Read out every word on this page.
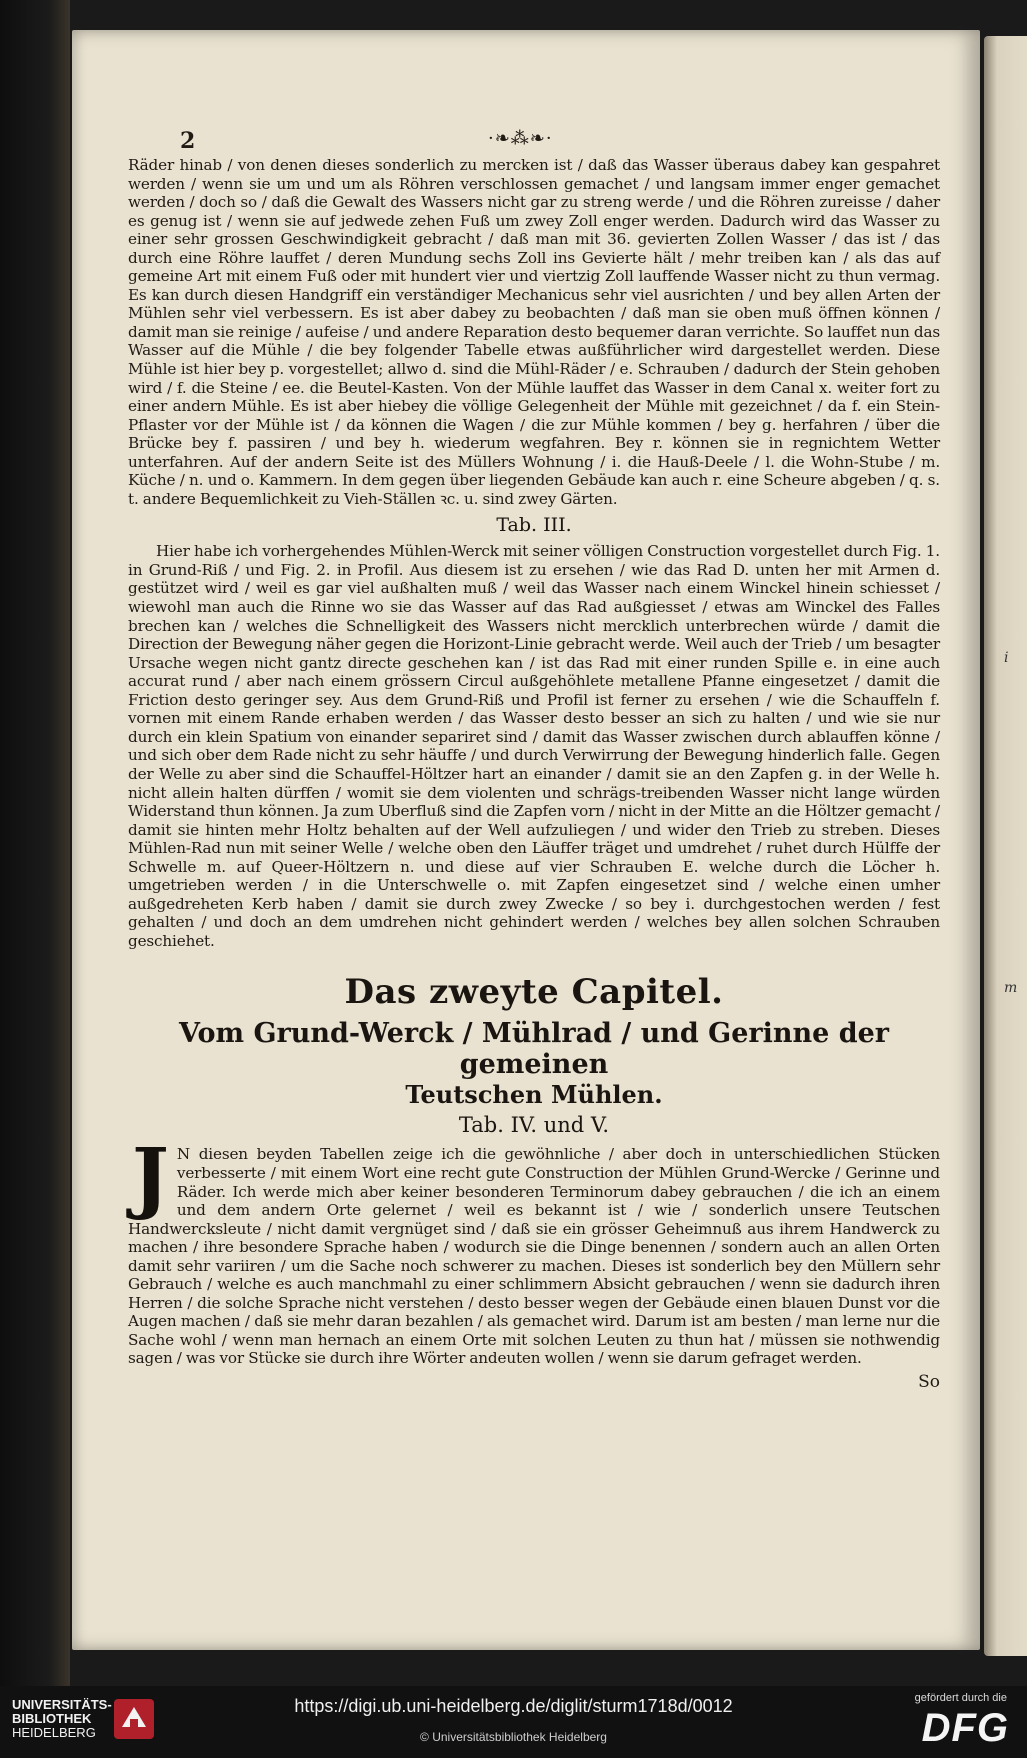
i
m
2	·❧⁂❧·

Räder hinab / von denen dieses sonderlich zu mercken ist / daß das Wasser überaus dabey kan gespahret werden / wenn sie um und um als Röhren verschlossen gemachet / und langsam immer enger gemachet werden / doch so / daß die Gewalt des Wassers nicht gar zu streng werde / und die Röhren zureisse / daher es genug ist / wenn sie auf jedwede zehen Fuß um zwey Zoll enger werden. Dadurch wird das Wasser zu einer sehr grossen Geschwindigkeit gebracht / daß man mit 36. gevierten Zollen Wasser / das ist / das durch eine Röhre lauffet / deren Mundung sechs Zoll ins Gevierte hält / mehr treiben kan / als das auf gemeine Art mit einem Fuß oder mit hundert vier und viertzig Zoll lauffende Wasser nicht zu thun vermag. Es kan durch diesen Handgriff ein verständiger Mechanicus sehr viel ausrichten / und bey allen Arten der Mühlen sehr viel verbessern. Es ist aber dabey zu beobachten / daß man sie oben muß öffnen können / damit man sie reinige / aufeise / und andere Reparation desto bequemer daran verrichte. So lauffet nun das Wasser auf die Mühle / die bey folgender Tabelle etwas außführlicher wird dargestellet werden. Diese Mühle ist hier bey p. vorgestellet; allwo d. sind die Mühl-Räder / e. Schrauben / dadurch der Stein gehoben wird / f. die Steine / ee. die Beutel-Kasten. Von der Mühle lauffet das Wasser in dem Canal x. weiter fort zu einer andern Mühle. Es ist aber hiebey die völlige Gelegenheit der Mühle mit gezeichnet / da f. ein Stein-Pflaster vor der Mühle ist / da können die Wagen / die zur Mühle kommen / bey g. herfahren / über die Brücke bey f. passiren / und bey h. wiederum wegfahren. Bey r. können sie in regnichtem Wetter unterfahren. Auf der andern Seite ist des Müllers Wohnung / i. die Hauß-Deele / l. die Wohn-Stube / m. Küche / n. und o. Kammern. In dem gegen über liegenden Gebäude kan auch r. eine Scheure abgeben / q. s. t. andere Bequemlichkeit zu Vieh-Ställen ꝛc. u. sind zwey Gärten.

Tab. III.

Hier habe ich vorhergehendes Mühlen-Werck mit seiner völligen Construction vorgestellet durch Fig. 1. in Grund-Riß / und Fig. 2. in Profil. Aus diesem ist zu ersehen / wie das Rad D. unten her mit Armen d. gestützet wird / weil es gar viel außhalten muß / weil das Wasser nach einem Winckel hinein schiesset / wiewohl man auch die Rinne wo sie das Wasser auf das Rad außgiesset / etwas am Winckel des Falles brechen kan / welches die Schnelligkeit des Wassers nicht mercklich unterbrechen würde / damit die Direction der Bewegung näher gegen die Horizont-Linie gebracht werde. Weil auch der Trieb / um besagter Ursache wegen nicht gantz directe geschehen kan / ist das Rad mit einer runden Spille e. in eine auch accurat rund / aber nach einem grössern Circul außgehöhlete metallene Pfanne eingesetzet / damit die Friction desto geringer sey. Aus dem Grund-Riß und Profil ist ferner zu ersehen / wie die Schauffeln f. vornen mit einem Rande erhaben werden / das Wasser desto besser an sich zu halten / und wie sie nur durch ein klein Spatium von einander separiret sind / damit das Wasser zwischen durch ablauffen könne / und sich ober dem Rade nicht zu sehr häuffe / und durch Verwirrung der Bewegung hinderlich falle. Gegen der Welle zu aber sind die Schauffel-Höltzer hart an einander / damit sie an den Zapfen g. in der Welle h. nicht allein halten dürffen / womit sie dem violenten und schrägs-treibenden Wasser nicht lange würden Widerstand thun können. Ja zum Uberfluß sind die Zapfen vorn / nicht in der Mitte an die Höltzer gemacht / damit sie hinten mehr Holtz behalten auf der Well aufzuliegen / und wider den Trieb zu streben. Dieses Mühlen-Rad nun mit seiner Welle / welche oben den Läuffer träget und umdrehet / ruhet durch Hülffe der Schwelle m. auf Queer-Höltzern n. und diese auf vier Schrauben E. welche durch die Löcher h. umgetrieben werden / in die Unterschwelle o. mit Zapfen eingesetzet sind / welche einen umher außgedreheten Kerb haben / damit sie durch zwey Zwecke / so bey i. durchgestochen werden / fest gehalten / und doch an dem umdrehen nicht gehindert werden / welches bey allen solchen Schrauben geschiehet.

Das zweyte Capitel.

Vom Grund-Werck / Mühlrad / und Gerinne der gemeinen

Teutschen Mühlen.

Tab. IV. und V.

J N diesen beyden Tabellen zeige ich die gewöhnliche / aber doch in unterschiedlichen Stücken verbesserte / mit einem Wort eine recht gute Construction der Mühlen Grund-Wercke / Gerinne und Räder. Ich werde mich aber keiner besonderen Terminorum dabey gebrauchen / die ich an einem und dem andern Orte gelernet / weil es bekannt ist / wie / sonderlich unsere Teutschen Handwercksleute / nicht damit vergnüget sind / daß sie ein grösser Geheimnuß aus ihrem Handwerck zu machen / ihre besondere Sprache haben / wodurch sie die Dinge benennen / sondern auch an allen Orten damit sehr variiren / um die Sache noch schwerer zu machen. Dieses ist sonderlich bey den Müllern sehr Gebrauch / welche es auch manchmahl zu einer schlimmern Absicht gebrauchen / wenn sie dadurch ihren Herren / die solche Sprache nicht verstehen / desto besser wegen der Gebäude einen blauen Dunst vor die Augen machen / daß sie mehr daran bezahlen / als gemachet wird. Darum ist am besten / man lerne nur die Sache wohl / wenn man hernach an einem Orte mit solchen Leuten zu thun hat / müssen sie nothwendig sagen / was vor Stücke sie durch ihre Wörter andeuten wollen / wenn sie darum gefraget werden.

So
UNIVERSITÄTS-
BIBLIOTHEK
HEIDELBERG
https://digi.ub.uni-heidelberg.de/diglit/sturm1718d/0012
© Universitätsbibliothek Heidelberg
gefördert durch die
DFG
